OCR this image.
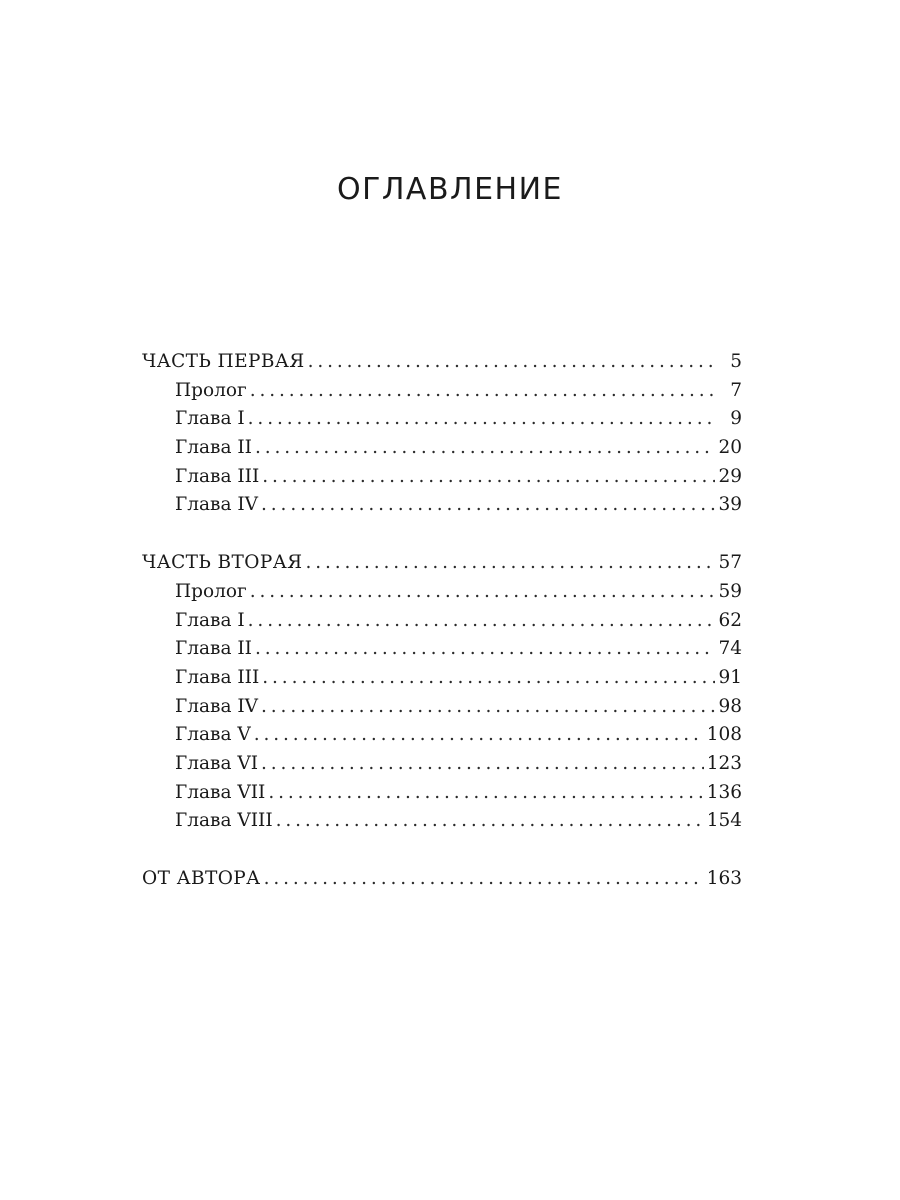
ОГЛАВЛЕНИЕ
ЧАСТЬ ПЕРВАЯ . . .	5
Пролог . . .	7
Глава I . . .	9
Глава II . . .	20
Глава III . . .	29
Глава IV . . .	39
ЧАСТЬ ВТОРАЯ . . .	57
Пролог . . .	59
Глава I . . .	62
Глава II . . .	74
Глава III . . .	91
Глава IV . . .	98
Глава V . . .	108
Глава VI . . .	123
Глава VII . . .	136
Глава VIII . . .	154
ОТ АВТОРА . . .	163
